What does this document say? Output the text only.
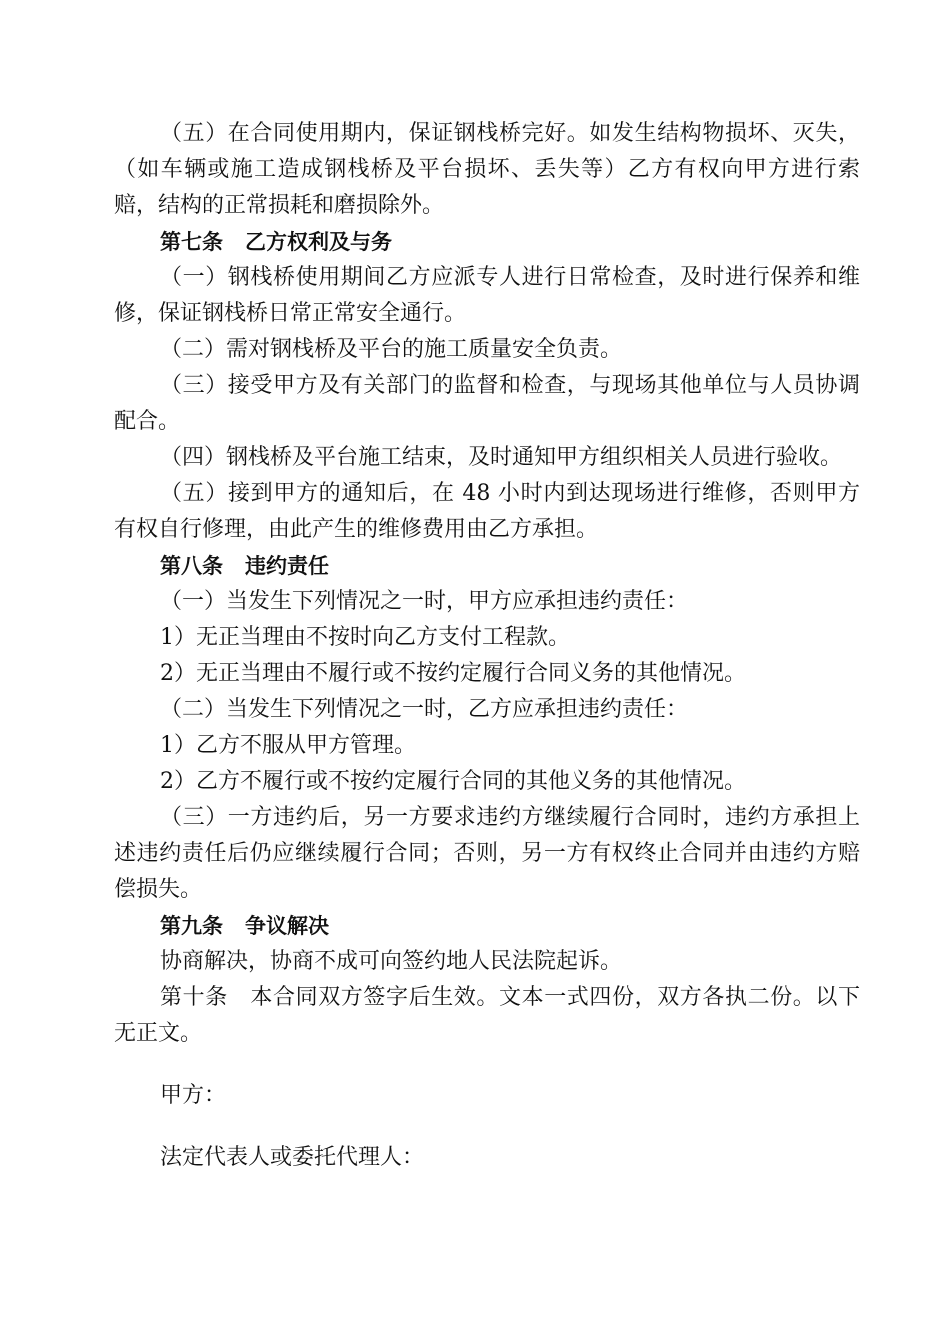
（五）在合同使用期内，保证钢栈桥完好。如发生结构物损坏、灭失，（如车辆或施工造成钢栈桥及平台损坏、丢失等）乙方有权向甲方进行索赔，结构的正常损耗和磨损除外。

第七条 乙方权利及与务

（一）钢栈桥使用期间乙方应派专人进行日常检查，及时进行保养和维修，保证钢栈桥日常正常安全通行。

（二）需对钢栈桥及平台的施工质量安全负责。

（三）接受甲方及有关部门的监督和检查，与现场其他单位与人员协调配合。

（四）钢栈桥及平台施工结束，及时通知甲方组织相关人员进行验收。

（五）接到甲方的通知后，在 48 小时内到达现场进行维修，否则甲方有权自行修理，由此产生的维修费用由乙方承担。

第八条 违约责任

（一）当发生下列情况之一时，甲方应承担违约责任：

1）无正当理由不按时向乙方支付工程款。

2）无正当理由不履行或不按约定履行合同义务的其他情况。

（二）当发生下列情况之一时，乙方应承担违约责任：

1）乙方不服从甲方管理。

2）乙方不履行或不按约定履行合同的其他义务的其他情况。

（三）一方违约后，另一方要求违约方继续履行合同时，违约方承担上述违约责任后仍应继续履行合同；否则，另一方有权终止合同并由违约方赔偿损失。

第九条 争议解决

协商解决，协商不成可向签约地人民法院起诉。

第十条　本合同双方签字后生效。文本一式四份，双方各执二份。以下无正文。

甲方：

法定代表人或委托代理人：
